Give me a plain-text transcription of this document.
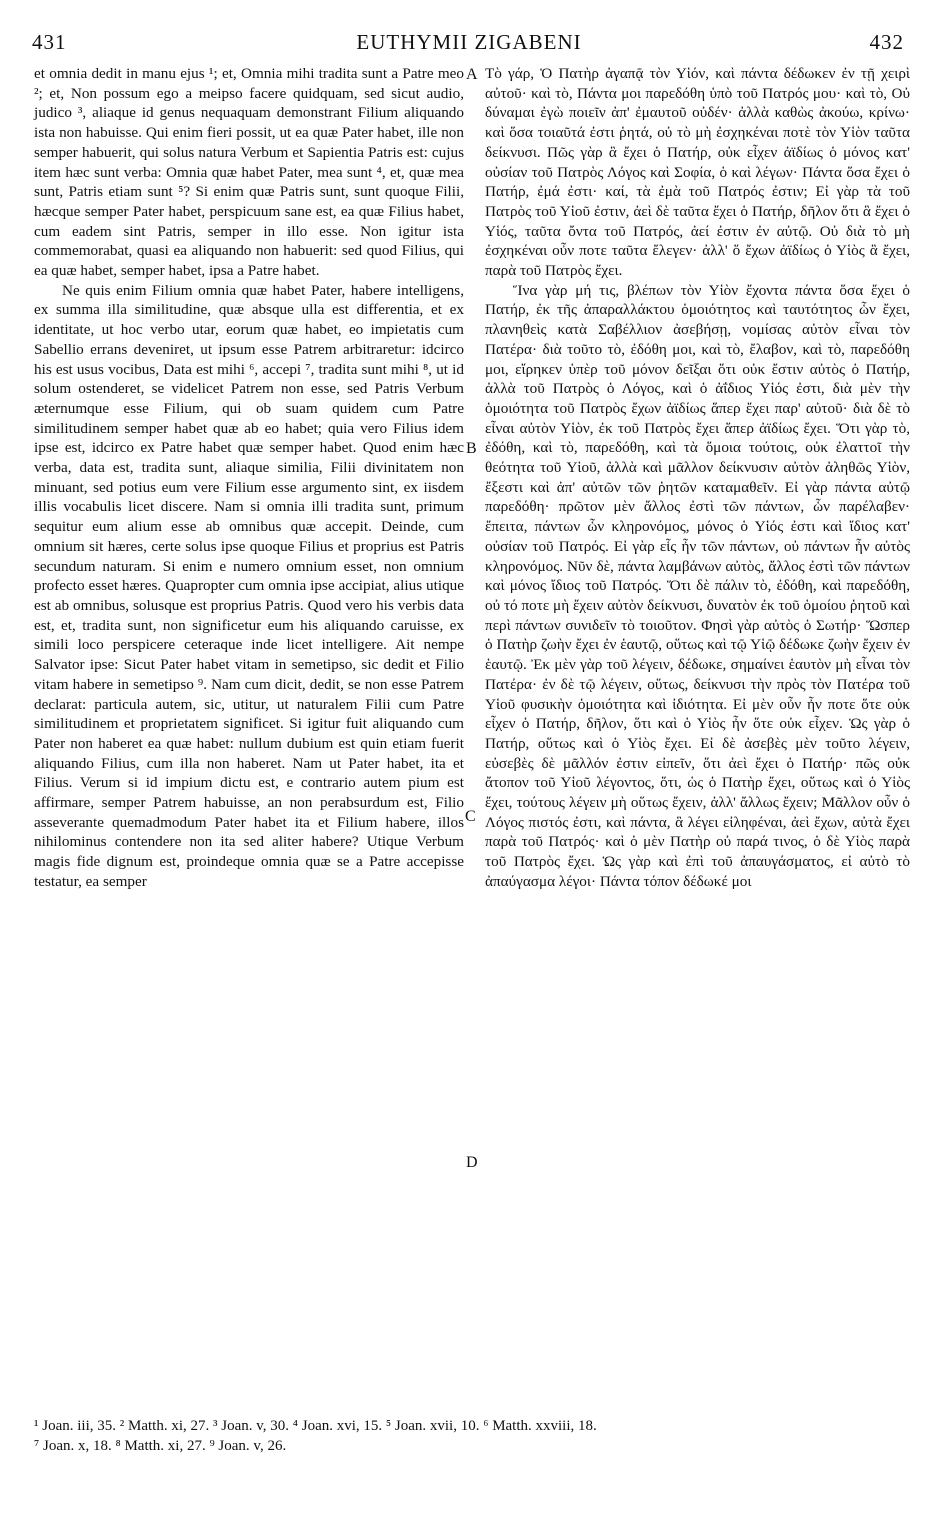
EUTHYMII ZIGABENI
431	432

et omnia dedit in manu ejus ¹; et, Omnia mihi tradita sunt a Patre meo ²; et, Non possum ego a meipso facere quidquam, sed sicut audio, judico ³, aliaque id genus nequaquam demonstrant Filium aliquando ista non habuisse. Qui enim fieri possit, ut ea quæ Pater habet, ille non semper habuerit, qui solus natura Verbum et Sapientia Patris est: cujus item hæc sunt verba: Omnia quæ habet Pater, mea sunt ⁴, et, quæ mea sunt, Patris etiam sunt ⁵? Si enim quæ Patris sunt, sunt quoque Filii, hæcque semper Pater habet, perspicuum sane est, ea quæ Filius habet, cum eadem sint Patris, semper in illo esse. Non igitur ista commemorabat, quasi ea aliquando non habuerit: sed quod Filius, qui ea quæ habet, semper habet, ipsa a Patre habet.

Ne quis enim Filium omnia quæ habet Pater, habere intelligens, ex summa illa similitudine, quæ absque ulla est differentia, et ex identitate, ut hoc verbo utar, eorum quæ habet, eo impietatis cum Sabellio errans deveniret, ut ipsum esse Patrem arbitraretur: idcirco his est usus vocibus, Data est mihi ⁶, accepi ⁷, tradita sunt mihi ⁸, ut id solum ostenderet, se videlicet Patrem non esse, sed Patris Verbum æternumque esse Filium, qui ob suam quidem cum Patre similitudinem semper habet quæ ab eo habet; quia vero Filius idem ipse est, idcirco ex Patre habet quæ semper habet. Quod enim hæc verba, data est, tradita sunt, aliaque similia, Filii divinitatem non minuant, sed potius eum vere Filium esse argumento sint, ex iisdem illis vocabulis licet discere. Nam si omnia illi tradita sunt, primum sequitur eum alium esse ab omnibus quæ accepit. Deinde, cum omnium sit hæres, certe solus ipse quoque Filius et proprius est Patris secundum naturam. Si enim e numero omnium esset, non omnium profecto esset hæres. Quapropter cum omnia ipse accipiat, alius utique est ab omnibus, solusque est proprius Patris. Quod vero his verbis data est, et, tradita sunt, non significetur eum his aliquando caruisse, ex simili loco perspicere ceteraque inde licet intelligere. Ait nempe Salvator ipse: Sicut Pater habet vitam in semetipso, sic dedit et Filio vitam habere in semetipso ⁹. Nam cum dicit, dedit, se non esse Patrem declarat: particula autem, sic, utitur, ut naturalem Filii cum Patre similitudinem et proprietatem significet. Si igitur fuit aliquando cum Pater non haberet ea quæ habet: nullum dubium est quin etiam fuerit aliquando Filius, cum illa non haberet. Nam ut Pater habet, ita et Filius. Verum si id impium dictu est, e contrario autem pium est affirmare, semper Patrem habuisse, an non perabsurdum est, Filio asseverante quemadmodum Pater habet ita et Filium habere, illos nihilominus contendere non ita sed aliter habere? Utique Verbum magis fide dignum est, proindeque omnia quæ se a Patre accepisse testatur, ea semper

A
B
C
D

Τὸ γάρ, Ὁ Πατὴρ ἀγαπᾷ τὸν Υἱόν, καὶ πάντα δέδωκεν ἐν τῇ χειρὶ αὐτοῦ· καὶ τὸ, Πάντα μοι παρεδόθη ὑπὸ τοῦ Πατρός μου· καὶ τὸ, Οὐ δύναμαι ἐγὼ ποιεῖν ἀπ' ἐμαυτοῦ οὐδέν· ἀλλὰ καθὼς ἀκούω, κρίνω· καὶ ὅσα τοιαῦτά ἐστι ῥητά, οὐ τὸ μὴ ἐσχηκέναι ποτὲ τὸν Υἱὸν ταῦτα δείκνυσι. Πῶς γὰρ ἃ ἔχει ὁ Πατήρ, οὐκ εἶχεν ἀϊδίως ὁ μόνος κατ' οὐσίαν τοῦ Πατρὸς Λόγος καὶ Σοφία, ὁ καὶ λέγων· Πάντα ὅσα ἔχει ὁ Πατήρ, ἐμά ἐστι· καί, τὰ ἐμὰ τοῦ Πατρός ἐστιν; Εἰ γὰρ τὰ τοῦ Πατρὸς τοῦ Υἱοῦ ἐστιν, ἀεὶ δὲ ταῦτα ἔχει ὁ Πατήρ, δῆλον ὅτι ἃ ἔχει ὁ Υἱός, ταῦτα ὄντα τοῦ Πατρός, ἀεί ἐστιν ἐν αὐτῷ. Οὐ διὰ τὸ μὴ ἐσχηκέναι οὖν ποτε ταῦτα ἔλεγεν· ἀλλ' ὅ ἔχων ἀϊδίως ὁ Υἱὸς ἃ ἔχει, παρὰ τοῦ Πατρὸς ἔχει.

Ἵνα γὰρ μή τις, βλέπων τὸν Υἱὸν ἔχοντα πάντα ὅσα ἔχει ὁ Πατήρ, ἐκ τῆς ἀπαραλλάκτου ὁμοιότητος καὶ ταυτότητος ὧν ἔχει, πλανηθεὶς κατὰ Σαβέλλιον ἀσεβήσῃ, νομίσας αὐτὸν εἶναι τὸν Πατέρα· διὰ τοῦτο τὸ, ἐδόθη μοι, καὶ τὸ, ἔλαβον, καὶ τὸ, παρεδόθη μοι, εἴρηκεν ὑπὲρ τοῦ μόνον δεῖξαι ὅτι οὐκ ἔστιν αὐτὸς ὁ Πατήρ, ἀλλὰ τοῦ Πατρὸς ὁ Λόγος, καὶ ὁ ἀΐδιος Υἱός ἐστι, διὰ μὲν τὴν ὁμοιότητα τοῦ Πατρὸς ἔχων ἀϊδίως ἅπερ ἔχει παρ' αὐτοῦ· διὰ δὲ τὸ εἶναι αὐτὸν Υἱὸν, ἐκ τοῦ Πατρὸς ἔχει ἅπερ ἀϊδίως ἔχει. Ὅτι γὰρ τὸ, ἐδόθη, καὶ τὸ, παρεδόθη, καὶ τὰ ὅμοια τούτοις, οὐκ ἐλαττοῖ τὴν θεότητα τοῦ Υἱοῦ, ἀλλὰ καὶ μᾶλλον δείκνυσιν αὐτὸν ἀληθῶς Υἱὸν, ἔξεστι καὶ ἀπ' αὐτῶν τῶν ῥητῶν καταμαθεῖν. Εἰ γὰρ πάντα αὐτῷ παρεδόθη· πρῶτον μὲν ἄλλος ἐστὶ τῶν πάντων, ὧν παρέλαβεν· ἔπειτα, πάντων ὧν κληρονόμος, μόνος ὁ Υἱός ἐστι καὶ ἴδιος κατ' οὐσίαν τοῦ Πατρός. Εἰ γὰρ εἷς ἦν τῶν πάντων, οὐ πάντων ἦν αὐτὸς κληρονόμος. Νῦν δὲ, πάντα λαμβάνων αὐτὸς, ἄλλος ἐστὶ τῶν πάντων καὶ μόνος ἴδιος τοῦ Πατρός. Ὅτι δὲ πάλιν τὸ, ἐδόθη, καὶ παρεδόθη, οὐ τό ποτε μὴ ἔχειν αὐτὸν δείκνυσι, δυνατὸν ἐκ τοῦ ὁμοίου ῥητοῦ καὶ περὶ πάντων συνιδεῖν τὸ τοιοῦτον. Φησὶ γὰρ αὐτὸς ὁ Σωτήρ· Ὥσπερ ὁ Πατὴρ ζωὴν ἔχει ἐν ἑαυτῷ, οὕτως καὶ τῷ Υἱῷ δέδωκε ζωὴν ἔχειν ἐν ἑαυτῷ. Ἐκ μὲν γὰρ τοῦ λέγειν, δέδωκε, σημαίνει ἑαυτὸν μὴ εἶναι τὸν Πατέρα· ἐν δὲ τῷ λέγειν, οὕτως, δείκνυσι τὴν πρὸς τὸν Πατέρα τοῦ Υἱοῦ φυσικὴν ὁμοιότητα καὶ ἰδιότητα. Εἰ μὲν οὖν ἦν ποτε ὅτε οὐκ εἶχεν ὁ Πατήρ, δῆλον, ὅτι καὶ ὁ Υἱὸς ἦν ὅτε οὐκ εἶχεν. Ὡς γὰρ ὁ Πατήρ, οὕτως καὶ ὁ Υἱὸς ἔχει. Εἰ δὲ ἀσεβὲς μὲν τοῦτο λέγειν, εὐσεβὲς δὲ μᾶλλόν ἐστιν εἰπεῖν, ὅτι ἀεὶ ἔχει ὁ Πατήρ· πῶς οὐκ ἄτοπον τοῦ Υἱοῦ λέγοντος, ὅτι, ὡς ὁ Πατὴρ ἔχει, οὕτως καὶ ὁ Υἱὸς ἔχει, τούτους λέγειν μὴ οὕτως ἔχειν, ἀλλ' ἄλλως ἔχειν; Μᾶλλον οὖν ὁ Λόγος πιστός ἐστι, καὶ πάντα, ἃ λέγει εἰληφέναι, ἀεὶ ἔχων, αὐτὰ ἔχει παρὰ τοῦ Πατρός· καὶ ὁ μὲν Πατὴρ οὐ παρά τινος, ὁ δὲ Υἱὸς παρὰ τοῦ Πατρὸς ἔχει. Ὡς γὰρ καὶ ἐπὶ τοῦ ἀπαυγάσματος, εἰ αὐτὸ τὸ ἀπαύγασμα λέγοι· Πάντα τόπον δέδωκέ μοι

¹ Joan. iii, 35. ² Matth. xi, 27. ³ Joan. v, 30. ⁴ Joan. xvi, 15. ⁵ Joan. xvii, 10. ⁶ Matth. xxviii, 18.
⁷ Joan. x, 18. ⁸ Matth. xi, 27. ⁹ Joan. v, 26.
